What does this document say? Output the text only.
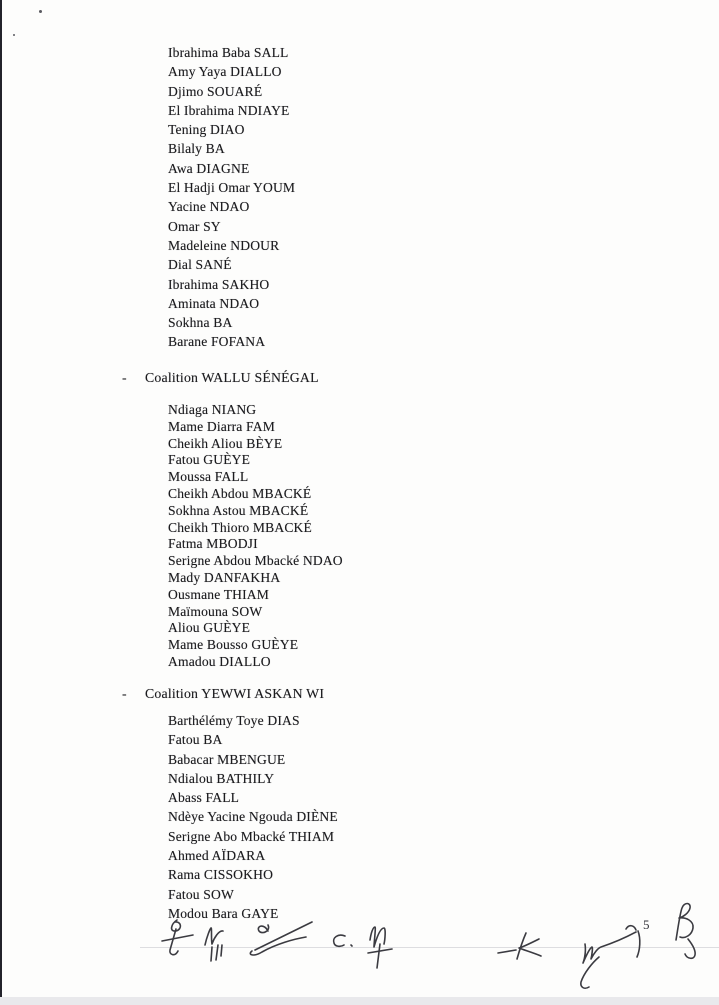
Ibrahima Baba SALL
Amy Yaya DIALLO
Djimo SOUARÉ
El Ibrahima NDIAYE
Tening DIAO
Bilaly BA
Awa DIAGNE
El Hadji Omar YOUM
Yacine NDAO
Omar SY
Madeleine NDOUR
Dial SANÉ
Ibrahima SAKHO
Aminata NDAO
Sokhna BA
Barane FOFANA
- Coalition WALLU SÉNÉGAL
Ndiaga NIANG
Mame Diarra FAM
Cheikh Aliou BÈYE
Fatou GUÈYE
Moussa FALL
Cheikh Abdou MBACKÉ
Sokhna Astou MBACKÉ
Cheikh Thioro MBACKÉ
Fatma MBODJI
Serigne Abdou Mbacké NDAO
Mady DANFAKHA
Ousmane THIAM
Maïmouna SOW
Aliou GUÈYE
Mame Bousso GUÈYE
Amadou DIALLO
- Coalition YEWWI ASKAN WI
Barthélémy Toye DIAS
Fatou BA
Babacar MBENGUE
Ndialou BATHILY
Abass FALL
Ndèye Yacine Ngouda DIÈNE
Serigne Abo Mbacké THIAM
Ahmed AÏDARA
Rama CISSOKHO
Fatou SOW
Modou Bara GAYE
5
